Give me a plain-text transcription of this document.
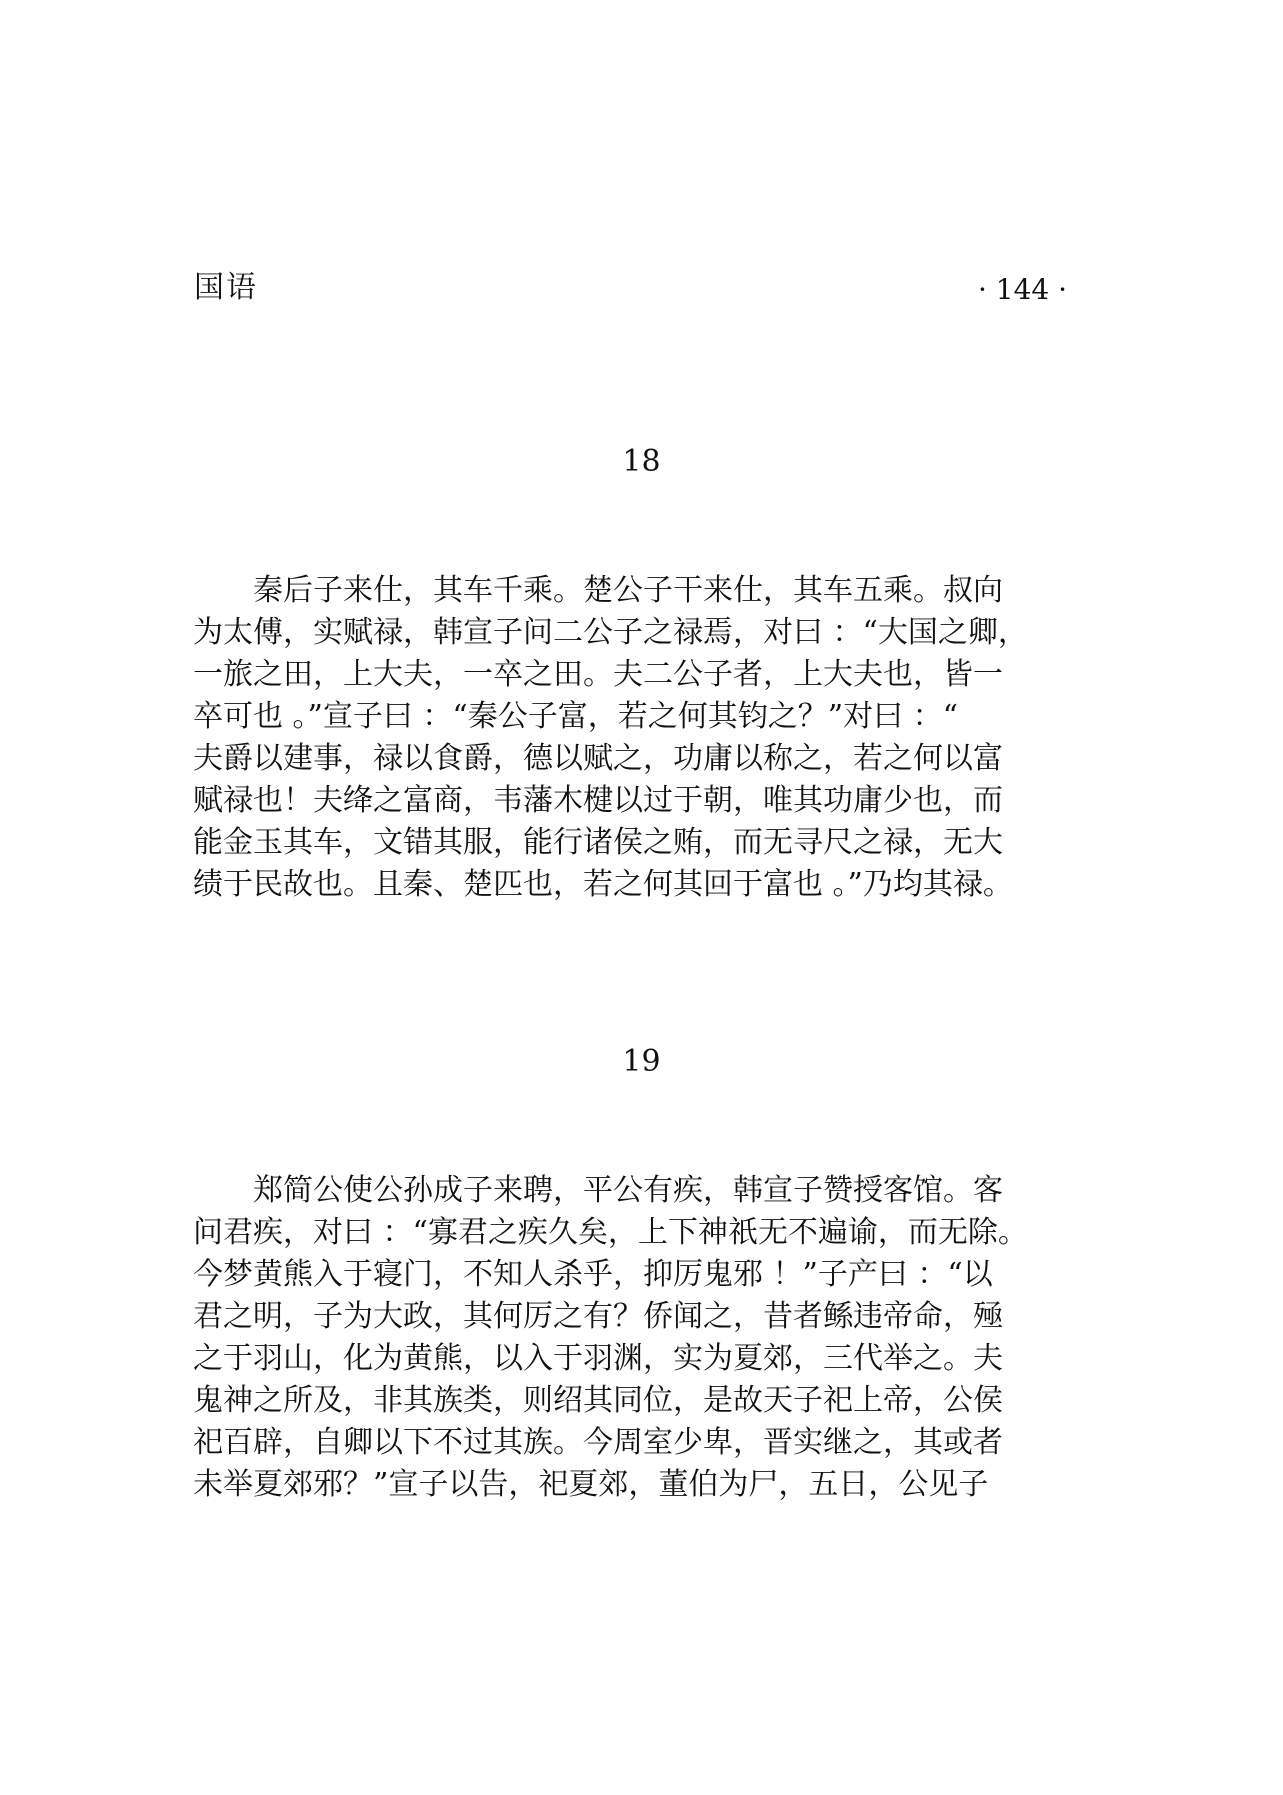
国语	· 144 ·
18
　　秦后子来仕，其车千乘。楚公子干来仕，其车五乘。叔向
为太傅，实赋禄，韩宣子问二公子之禄焉，对曰 ：“大国之卿，
一旅之田，上大夫，一卒之田。夫二公子者，上大夫也，皆一
卒可也 。”宣子曰 ：“秦公子富，若之何其钧之？”对曰 ：“
夫爵以建事，禄以食爵，德以赋之，功庸以称之，若之何以富
赋禄也！夫绛之富商，韦藩木楗以过于朝，唯其功庸少也，而
能金玉其车，文错其服，能行诸侯之贿，而无寻尺之禄，无大
绩于民故也。且秦、楚匹也，若之何其回于富也 。”乃均其禄。
19
　　郑简公使公孙成子来聘，平公有疾，韩宣子赞授客馆。客
问君疾，对曰 ：“寡君之疾久矣，上下神祇无不遍谕，而无除。
今梦黄熊入于寝门，不知人杀乎，抑厉鬼邪 ！”子产曰 ：“以
君之明，子为大政，其何厉之有？侨闻之，昔者鲧违帝命，殛
之于羽山，化为黄熊，以入于羽渊，实为夏郊，三代举之。夫
鬼神之所及，非其族类，则绍其同位，是故天子祀上帝，公侯
祀百辟，自卿以下不过其族。今周室少卑，晋实继之，其或者
未举夏郊邪？”宣子以告，祀夏郊，董伯为尸，五日，公见子
